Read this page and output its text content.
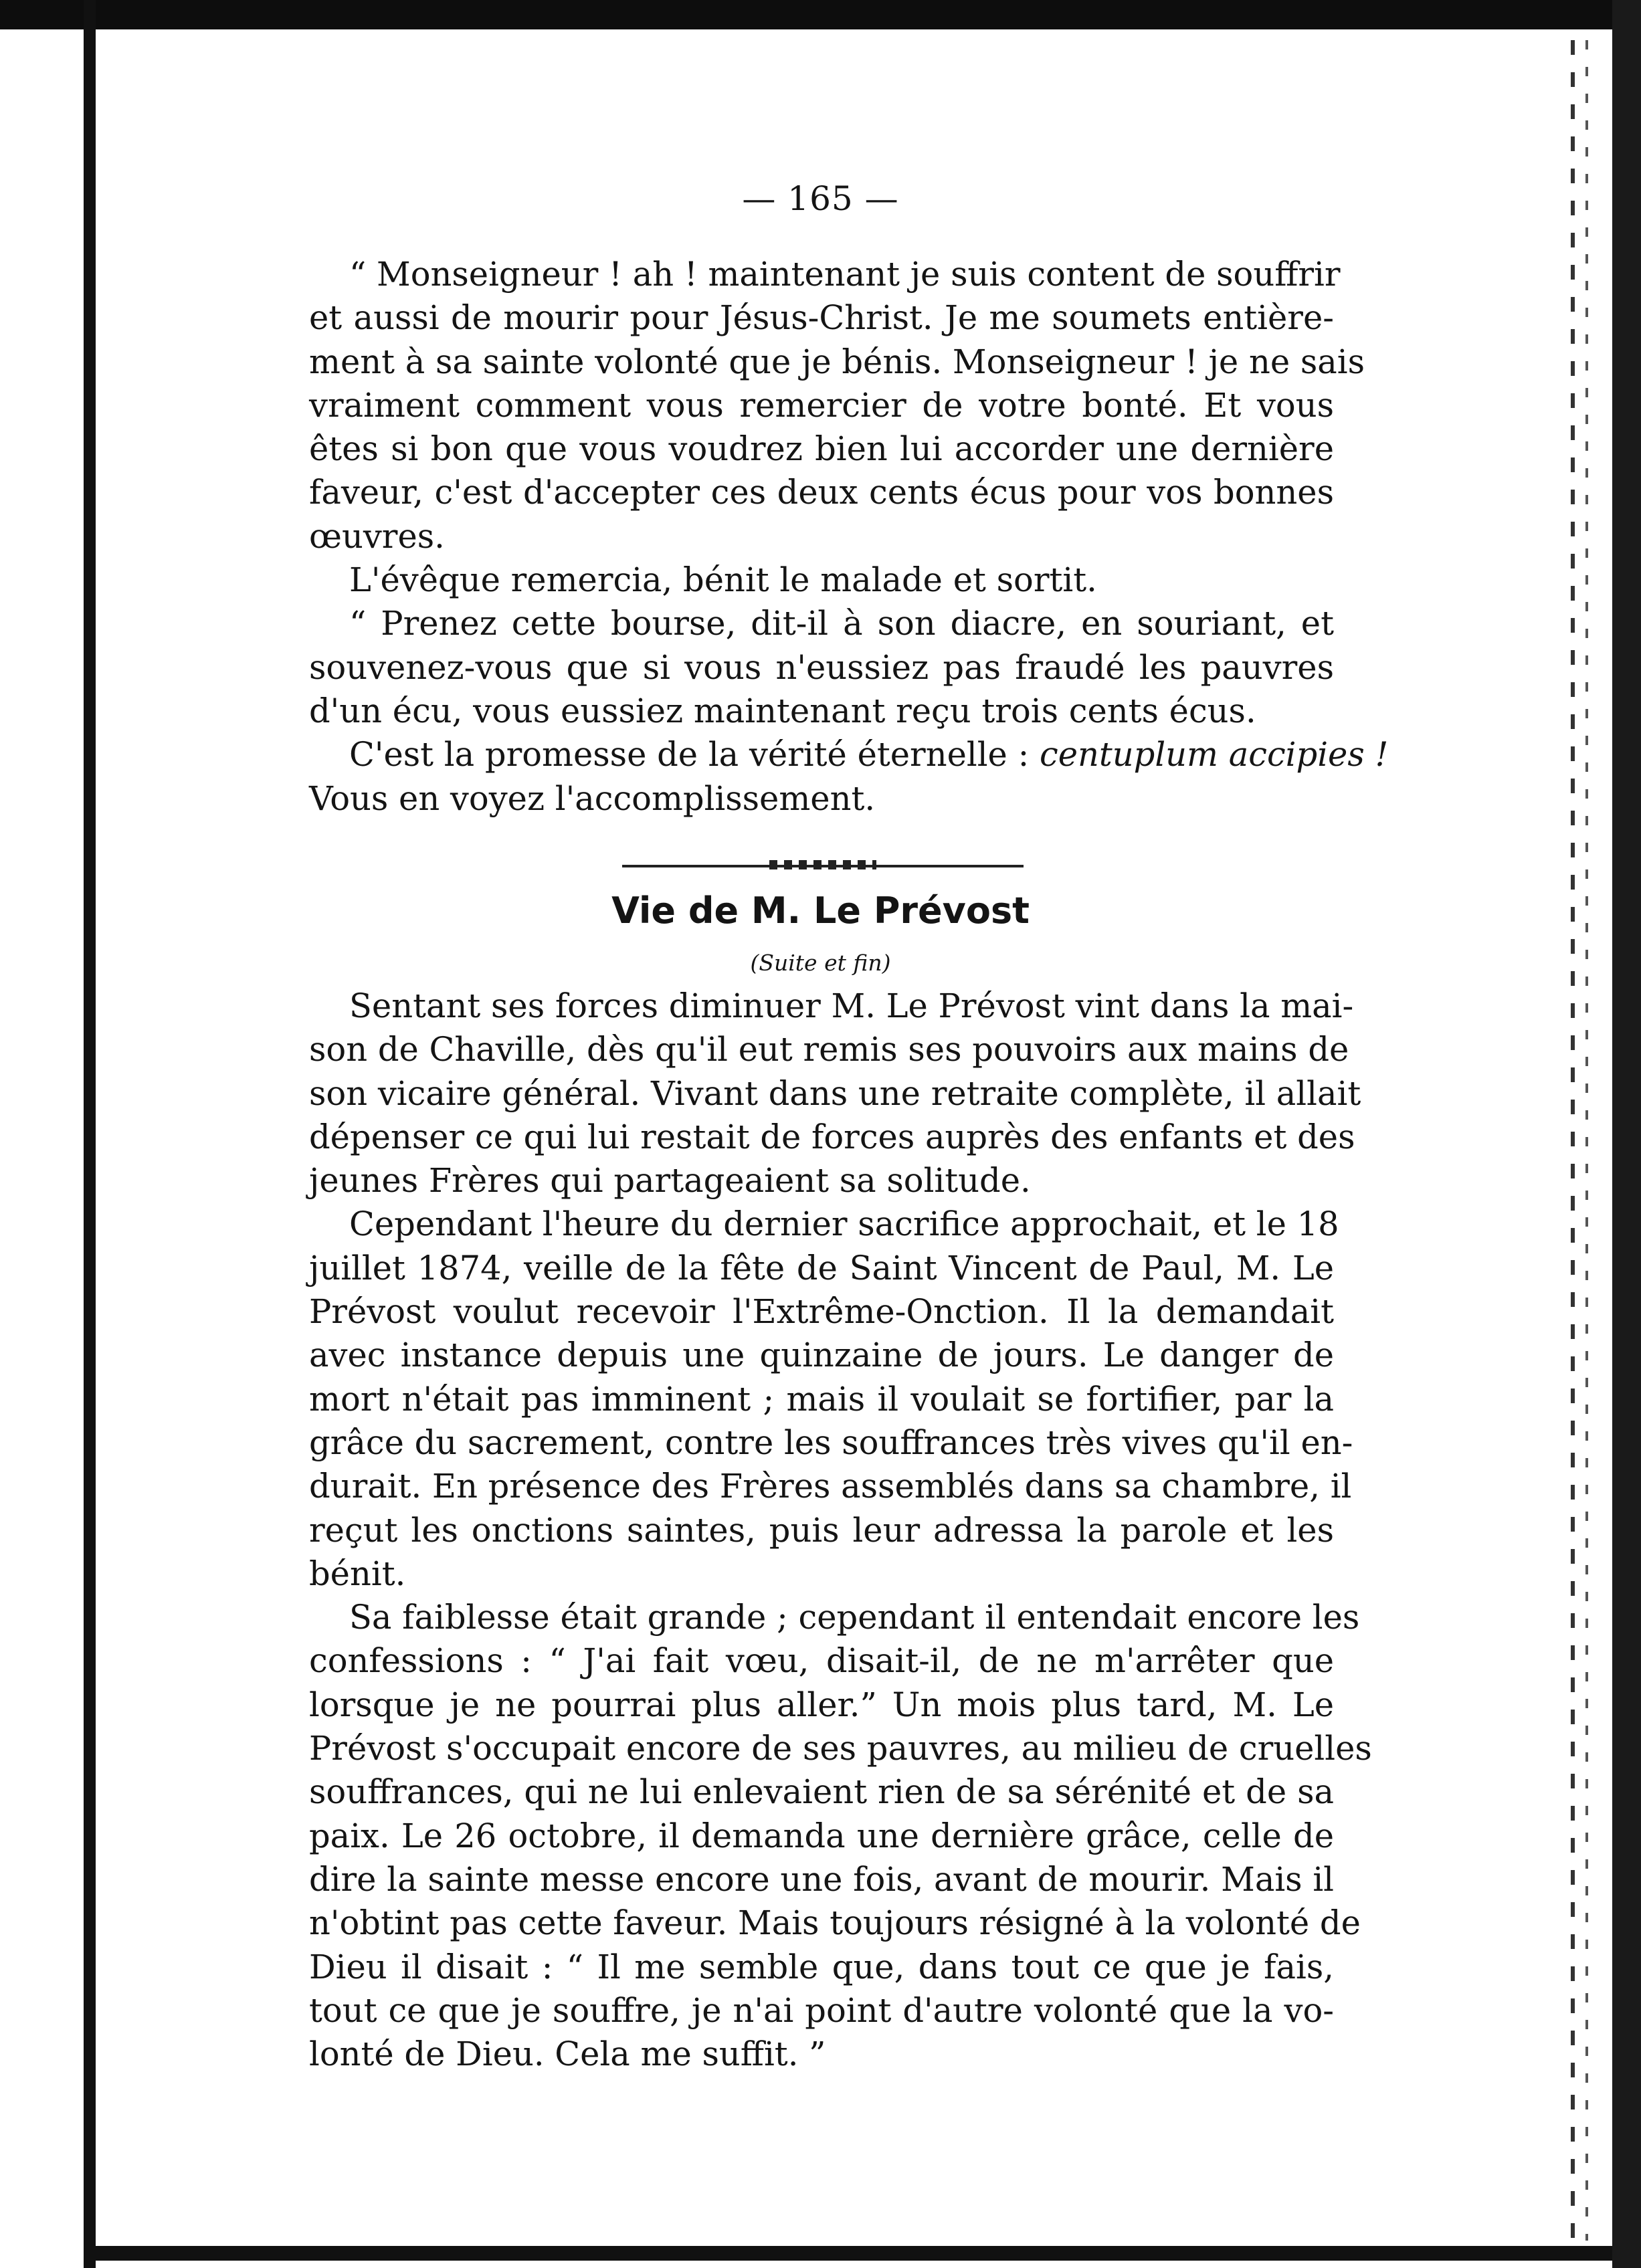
— 165 —
“ Monseigneur ! ah ! maintenant je suis content de souffrir
et aussi de mourir pour Jésus-Christ. Je me soumets entière-
ment à sa sainte volonté que je bénis. Monseigneur ! je ne sais
vraiment comment vous remercier de votre bonté. Et vous
êtes si bon que vous voudrez bien lui accorder une dernière
faveur, c'est d'accepter ces deux cents écus pour vos bonnes
œuvres.
L'évêque remercia, bénit le malade et sortit.
“ Prenez cette bourse, dit-il à son diacre, en souriant, et
souvenez-vous que si vous n'eussiez pas fraudé les pauvres
d'un écu, vous eussiez maintenant reçu trois cents écus.
C'est la promesse de la vérité éternelle : centuplum accipies !
Vous en voyez l'accomplissement.
Vie de M. Le Prévost
(Suite et fin)
Sentant ses forces diminuer M. Le Prévost vint dans la mai-
son de Chaville, dès qu'il eut remis ses pouvoirs aux mains de
son vicaire général. Vivant dans une retraite complète, il allait
dépenser ce qui lui restait de forces auprès des enfants et des
jeunes Frères qui partageaient sa solitude.
Cependant l'heure du dernier sacrifice approchait, et le 18
juillet 1874, veille de la fête de Saint Vincent de Paul, M. Le
Prévost voulut recevoir l'Extrême-Onction. Il la demandait
avec instance depuis une quinzaine de jours. Le danger de
mort n'était pas imminent ; mais il voulait se fortifier, par la
grâce du sacrement, contre les souffrances très vives qu'il en-
durait. En présence des Frères assemblés dans sa chambre, il
reçut les onctions saintes, puis leur adressa la parole et les
bénit.
Sa faiblesse était grande ; cependant il entendait encore les
confessions : “ J'ai fait vœu, disait-il, de ne m'arrêter que
lorsque je ne pourrai plus aller.” Un mois plus tard, M. Le
Prévost s'occupait encore de ses pauvres, au milieu de cruelles
souffrances, qui ne lui enlevaient rien de sa sérénité et de sa
paix. Le 26 octobre, il demanda une dernière grâce, celle de
dire la sainte messe encore une fois, avant de mourir. Mais il
n'obtint pas cette faveur. Mais toujours résigné à la volonté de
Dieu il disait : “ Il me semble que, dans tout ce que je fais,
tout ce que je souffre, je n'ai point d'autre volonté que la vo-
lonté de Dieu. Cela me suffit. ”
